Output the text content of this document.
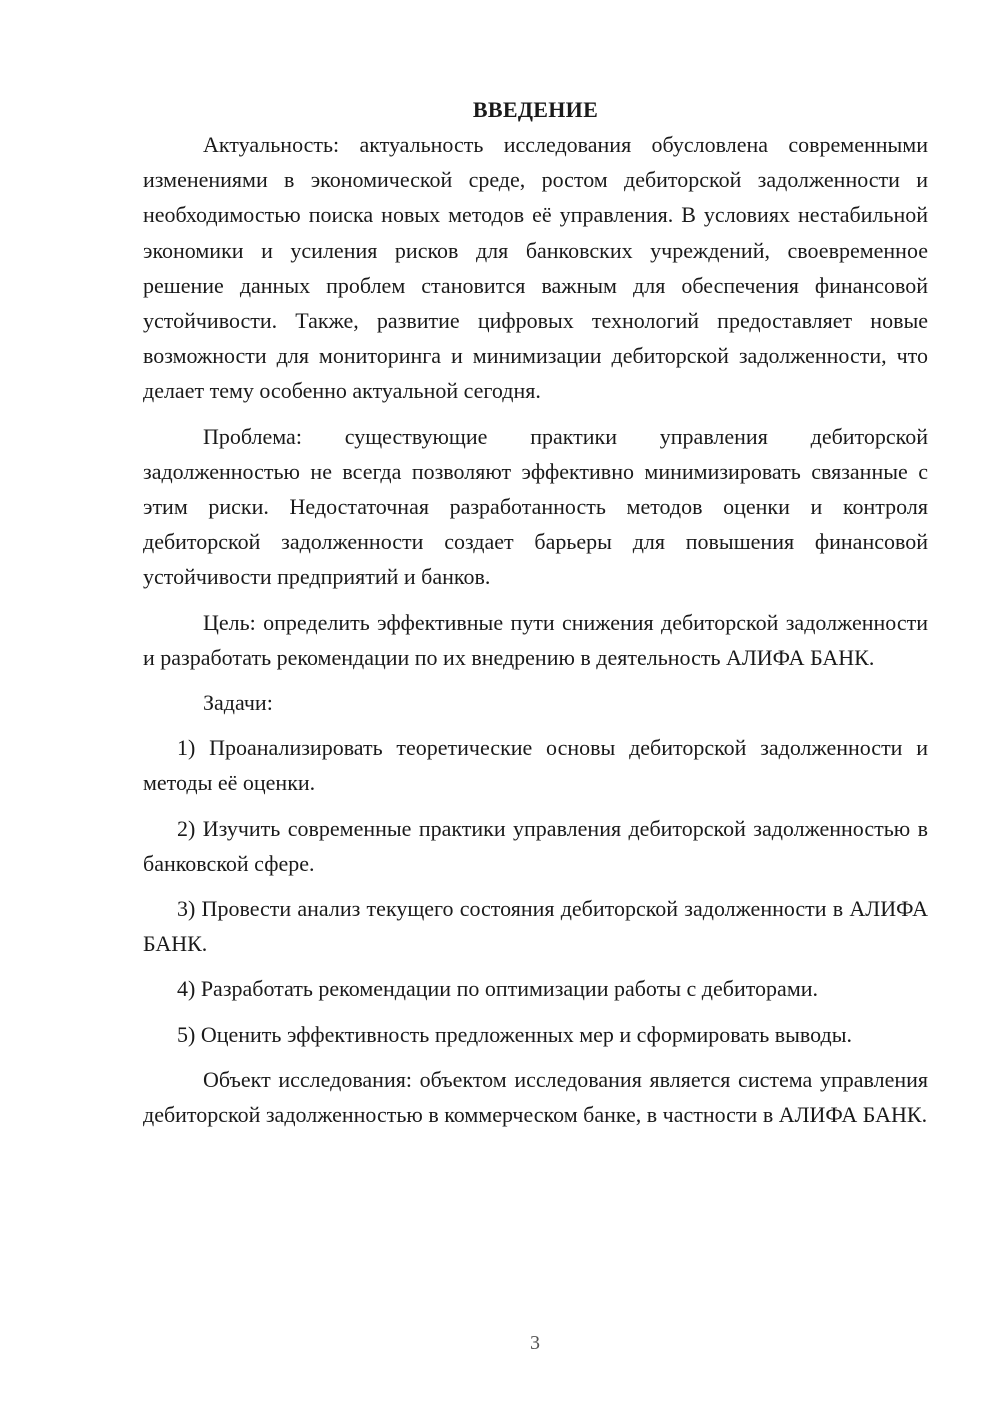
ВВЕДЕНИЕ

Актуальность: актуальность исследования обусловлена современными изменениями в экономической среде, ростом дебиторской задолженности и необходимостью поиска новых методов её управления. В условиях нестабильной экономики и усиления рисков для банковских учреждений, своевременное решение данных проблем становится важным для обеспечения финансовой устойчивости. Также, развитие цифровых технологий предоставляет новые возможности для мониторинга и минимизации дебиторской задолженности, что делает тему особенно актуальной сегодня.

Проблема: существующие практики управления дебиторской задолженностью не всегда позволяют эффективно минимизировать связанные с этим риски. Недостаточная разработанность методов оценки и контроля дебиторской задолженности создает барьеры для повышения финансовой устойчивости предприятий и банков.

Цель: определить эффективные пути снижения дебиторской задолженности и разработать рекомендации по их внедрению в деятельность АЛИФА БАНК.

Задачи:

1) Проанализировать теоретические основы дебиторской задолженности и методы её оценки.

2) Изучить современные практики управления дебиторской задолженностью в банковской сфере.

3) Провести анализ текущего состояния дебиторской задолженности в АЛИФА БАНК.

4) Разработать рекомендации по оптимизации работы с дебиторами.

5) Оценить эффективность предложенных мер и сформировать выводы.

Объект исследования: объектом исследования является система управления дебиторской задолженностью в коммерческом банке, в частности в АЛИФА БАНК.

3
